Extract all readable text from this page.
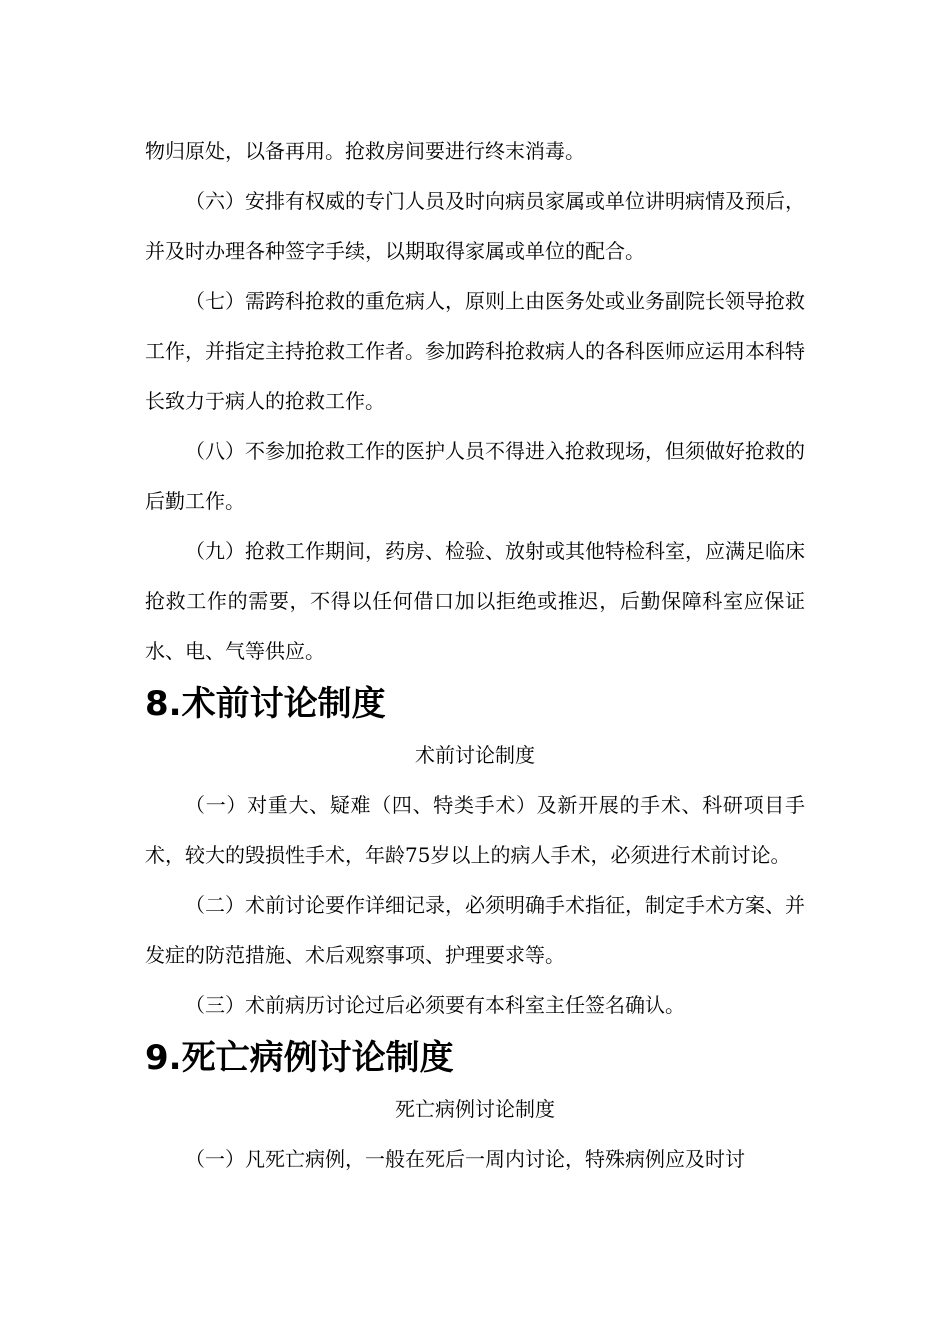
物归原处，以备再用。抢救房间要进行终末消毒。

（六）安排有权威的专门人员及时向病员家属或单位讲明病情及预后，并及时办理各种签字手续，以期取得家属或单位的配合。

（七）需跨科抢救的重危病人，原则上由医务处或业务副院长领导抢救工作，并指定主持抢救工作者。参加跨科抢救病人的各科医师应运用本科特长致力于病人的抢救工作。

（八）不参加抢救工作的医护人员不得进入抢救现场，但须做好抢救的后勤工作。

（九）抢救工作期间，药房、检验、放射或其他特检科室，应满足临床抢救工作的需要，不得以任何借口加以拒绝或推迟，后勤保障科室应保证水、电、气等供应。

8.术前讨论制度

术前讨论制度

（一）对重大、疑难（四、特类手术）及新开展的手术、科研项目手术，较大的毁损性手术，年龄75岁以上的病人手术，必须进行术前讨论。

（二）术前讨论要作详细记录，必须明确手术指征，制定手术方案、并发症的防范措施、术后观察事项、护理要求等。

（三）术前病历讨论过后必须要有本科室主任签名确认。

9.死亡病例讨论制度

死亡病例讨论制度

（一）凡死亡病例，一般在死后一周内讨论，特殊病例应及时讨
